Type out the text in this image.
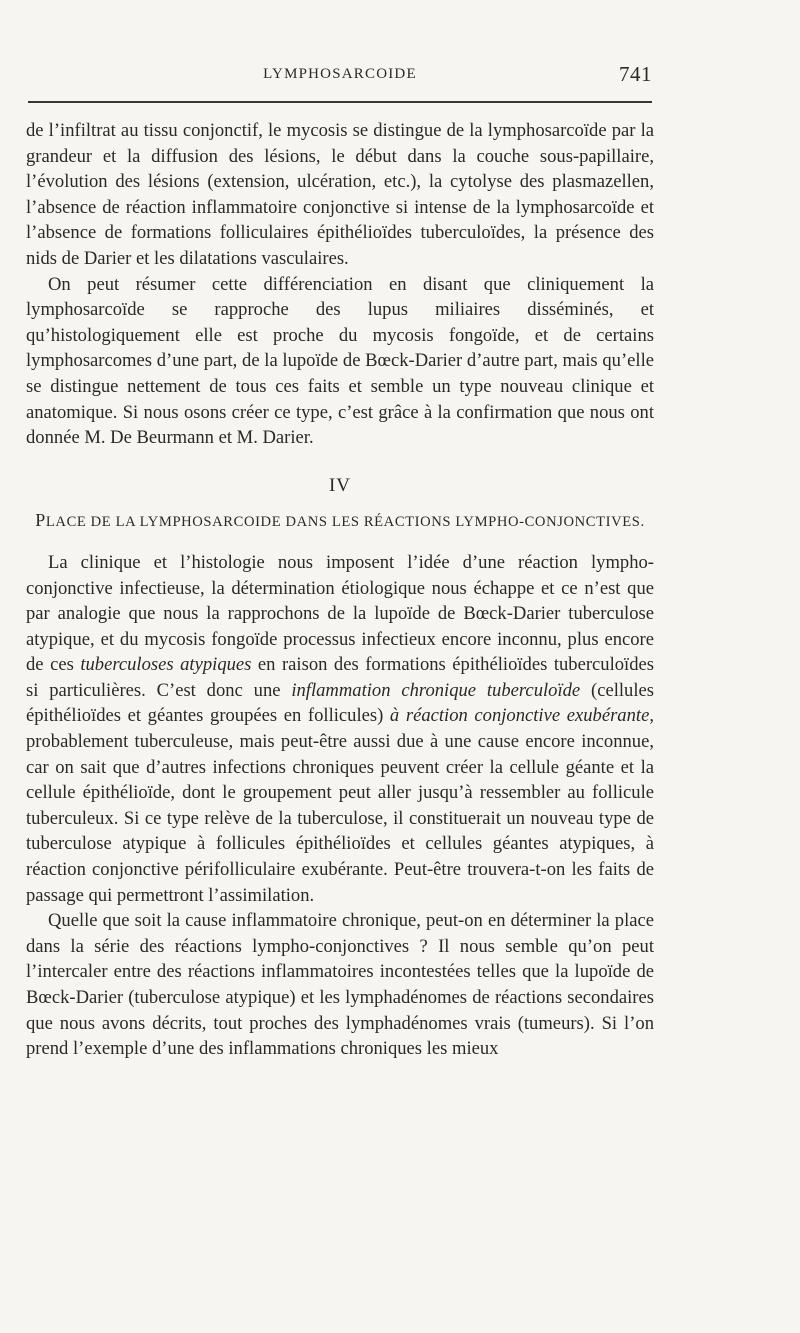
LYMPHOSARCOIDE	741

de l’infiltrat au tissu conjonctif, le mycosis se distingue de la lymphosarcoïde par la grandeur et la diffusion des lésions, le début dans la couche sous-papillaire, l’évolution des lésions (extension, ulcération, etc.), la cytolyse des plasmazellen, l’absence de réaction inflammatoire conjonctive si intense de la lymphosarcoïde et l’absence de formations folliculaires épithélioïdes tuberculoïdes, la présence des nids de Darier et les dilatations vasculaires.

On peut résumer cette différenciation en disant que cliniquement la lymphosarcoïde se rapproche des lupus miliaires disséminés, et qu’histologiquement elle est proche du mycosis fongoïde, et de certains lymphosarcomes d’une part, de la lupoïde de Bœck-Darier d’autre part, mais qu’elle se distingue nettement de tous ces faits et semble un type nouveau clinique et anatomique. Si nous osons créer ce type, c’est grâce à la confirmation que nous ont donnée M. De Beurmann et M. Darier.

IV
PLACE DE LA LYMPHOSARCOIDE DANS LES RÉACTIONS LYMPHO-CONJONCTIVES.

La clinique et l’histologie nous imposent l’idée d’une réaction lympho-conjonctive infectieuse, la détermination étiologique nous échappe et ce n’est que par analogie que nous la rapprochons de la lupoïde de Bœck-Darier tuberculose atypique, et du mycosis fongoïde processus infectieux encore inconnu, plus encore de ces tuberculoses atypiques en raison des formations épithélioïdes tuberculoïdes si particulières. C’est donc une inflammation chronique tuberculoïde (cellules épithélioïdes et géantes groupées en follicules) à réaction conjonctive exubérante, probablement tuberculeuse, mais peut-être aussi due à une cause encore inconnue, car on sait que d’autres infections chroniques peuvent créer la cellule géante et la cellule épithélioïde, dont le groupement peut aller jusqu’à ressembler au follicule tuberculeux. Si ce type relève de la tuberculose, il constituerait un nouveau type de tuberculose atypique à follicules épithélioïdes et cellules géantes atypiques, à réaction conjonctive périfolliculaire exubérante. Peut-être trouvera-t-on les faits de passage qui permettront l’assimilation.

Quelle que soit la cause inflammatoire chronique, peut-on en déterminer la place dans la série des réactions lympho-conjonctives ? Il nous semble qu’on peut l’intercaler entre des réactions inflammatoires incontestées telles que la lupoïde de Bœck-Darier (tuberculose atypique) et les lymphadénomes de réactions secondaires que nous avons décrits, tout proches des lymphadénomes vrais (tumeurs). Si l’on prend l’exemple d’une des inflammations chroniques les mieux
